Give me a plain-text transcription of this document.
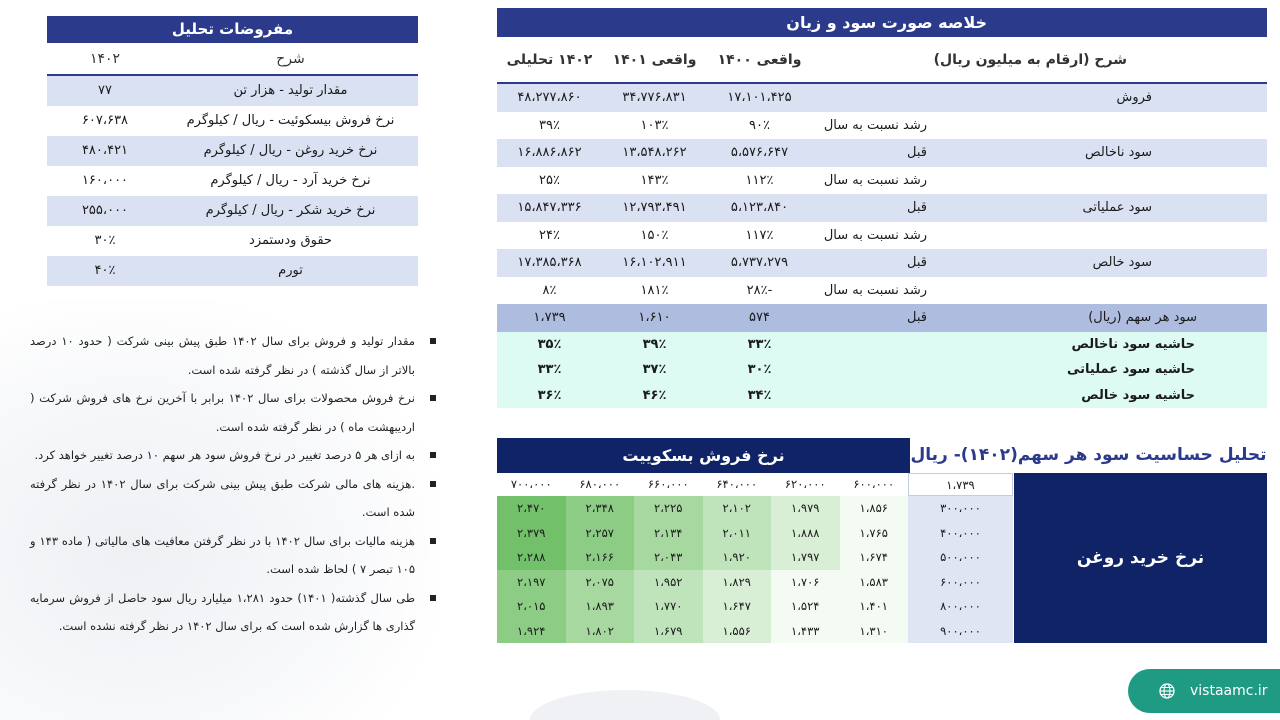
مفروضات تحلیل
شرح
۱۴۰۲
مقدار تولید - هزار تن
۷۷
نرخ فروش بیسکوئیت - ریال / کیلوگرم
۶۰۷،۶۳۸
نرخ خرید روغن - ریال / کیلوگرم
۴۸۰،۴۲۱
نرخ خرید آرد - ریال / کیلوگرم
۱۶۰،۰۰۰
نرخ خرید شکر - ریال / کیلوگرم
۲۵۵،۰۰۰
حقوق ودستمزد
۳۰٪
تورم
۴۰٪
مقدار تولید و فروش برای سال ۱۴۰۲ طبق پیش بینی شرکت ( حدود ۱۰ درصد بالاتر از سال گذشته ) در نظر گرفته شده است.
نرخ فروش محصولات برای سال ۱۴۰۲ برابر با آخرین نرخ های فروش شرکت ( اردیبهشت ماه ) در نظر گرفته شده است.
به ازای هر ۵ درصد تغییر در نرخ فروش سود هر سهم ۱۰ درصد تغییر خواهد کرد.
.هزینه های مالی شرکت طبق پیش بینی شرکت برای سال ۱۴۰۲ در نظر گرفته شده است.
هزینه مالیات برای سال ۱۴۰۲ با در نظر گرفتن معافیت های مالیاتی ( ماده ۱۴۳ و ۱۰۵ تبصر ۷ ) لحاظ شده است.
طی سال گذشته( ۱۴۰۱) حدود ۱،۲۸۱ میلیارد ریال سود حاصل از فروش سرمایه گذاری ها گزارش شده است که برای سال ۱۴۰۲ در نظر گرفته نشده است.
خلاصه صورت سود و زیان
شرح (ارقام به میلیون ریال)
واقعی ۱۴۰۰
واقعی ۱۴۰۱
۱۴۰۲ تحلیلی
فروش
۱۷،۱۰۱،۴۲۵
۳۴،۷۷۶،۸۳۱
۴۸،۲۷۷،۸۶۰
رشد نسبت به سال قبل
۹۰٪
۱۰۳٪
۳۹٪
سود ناخالص
۵،۵۷۶،۶۴۷
۱۳،۵۴۸،۲۶۲
۱۶،۸۸۶،۸۶۲
رشد نسبت به سال قبل
۱۱۲٪
۱۴۳٪
۲۵٪
سود عملیاتی
۵،۱۲۳،۸۴۰
۱۲،۷۹۳،۴۹۱
۱۵،۸۴۷،۳۳۶
رشد نسبت به سال قبل
۱۱۷٪
۱۵۰٪
۲۴٪
سود خالص
۵،۷۳۷،۲۷۹
۱۶،۱۰۲،۹۱۱
۱۷،۳۸۵،۳۶۸
رشد نسبت به سال قبل
-۲۸٪
۱۸۱٪
۸٪
سود هر سهم (ریال)
۵۷۴
۱،۶۱۰
۱،۷۳۹
حاشیه سود ناخالص
۳۳٪
۳۹٪
۳۵٪
حاشیه سود عملیاتی
۳۰٪
۳۷٪
۳۳٪
حاشیه سود خالص
۳۴٪
۴۶٪
۳۶٪
تحلیل حساسیت سود هر سهم(۱۴۰۲)- ریال
نرخ فروش بسکوییت
۱،۷۳۹
۶۰۰،۰۰۰
۶۲۰،۰۰۰
۶۴۰،۰۰۰
۶۶۰،۰۰۰
۶۸۰،۰۰۰
۷۰۰،۰۰۰
۳۰۰،۰۰۰
۱،۸۵۶
۱،۹۷۹
۲،۱۰۲
۲،۲۲۵
۲،۳۴۸
۲،۴۷۰
۴۰۰،۰۰۰
۱،۷۶۵
۱،۸۸۸
۲،۰۱۱
۲،۱۳۴
۲،۲۵۷
۲،۳۷۹
۵۰۰،۰۰۰
۱،۶۷۴
۱،۷۹۷
۱،۹۲۰
۲،۰۴۳
۲،۱۶۶
۲،۲۸۸
۶۰۰،۰۰۰
۱،۵۸۳
۱،۷۰۶
۱،۸۲۹
۱،۹۵۲
۲،۰۷۵
۲،۱۹۷
۸۰۰،۰۰۰
۱،۴۰۱
۱،۵۲۴
۱،۶۴۷
۱،۷۷۰
۱،۸۹۳
۲،۰۱۵
۹۰۰،۰۰۰
۱،۳۱۰
۱،۴۳۳
۱،۵۵۶
۱،۶۷۹
۱،۸۰۲
۱،۹۲۴
نرخ خرید روغن
vistaamc.ir
